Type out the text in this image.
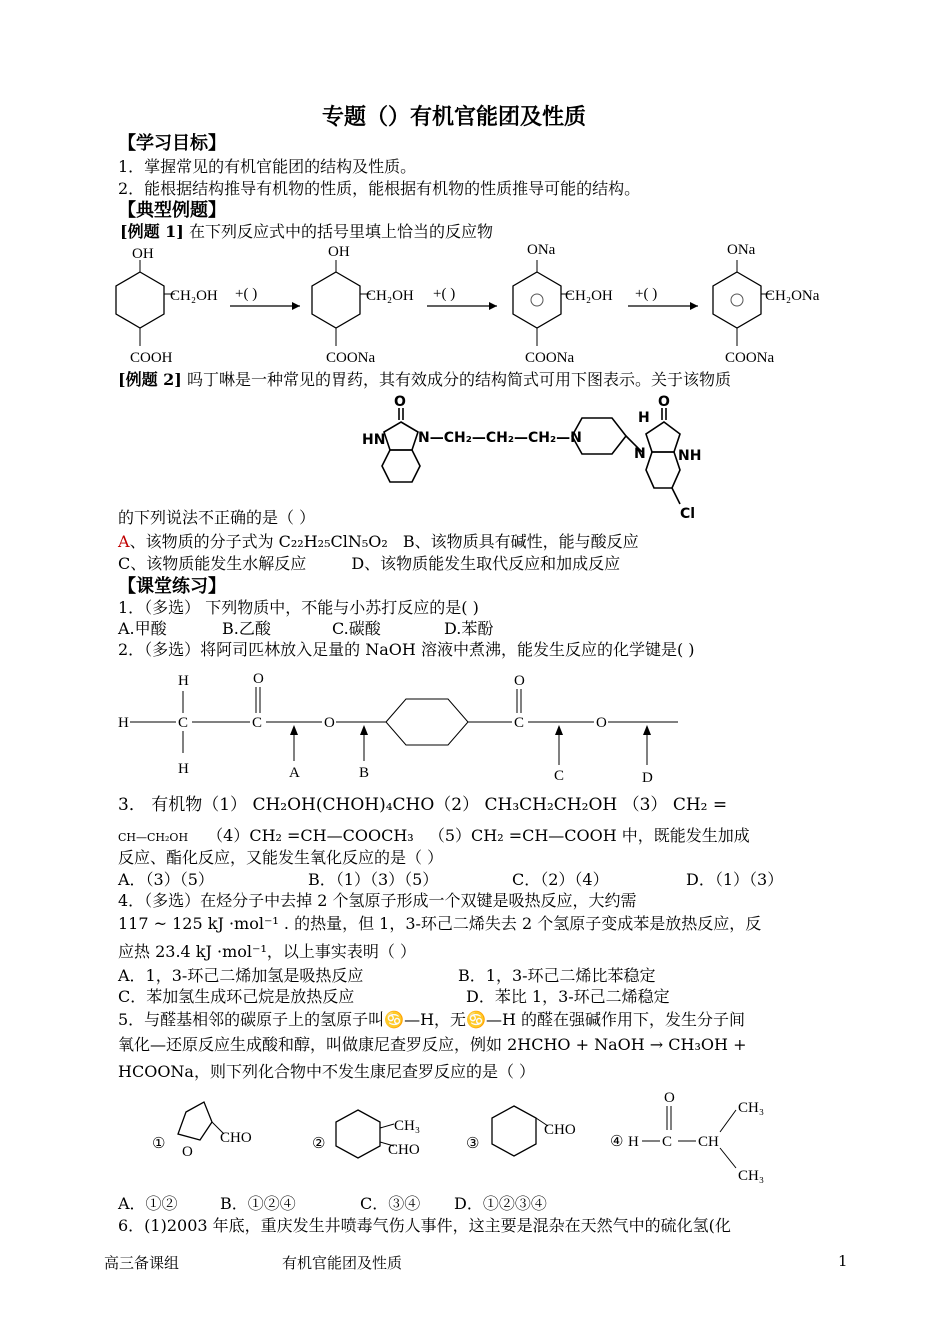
专题（）有机官能团及性质
【学习目标】
1．掌握常见的有机官能团的结构及性质。
2．能根据结构推导有机物的性质，能根据有机物的性质推导可能的结构。
【典型例题】
[例题 1] 在下列反应式中的括号里填上恰当的反应物
OH
CH₂OH
COOH
+( )
OH
CH₂OH
COONa
+( )
ONa
CH₂OH
COONa
+( )
ONa
CH₂ONa
COONa
[例题 2] 吗丁啉是一种常见的胃药，其有效成分的结构简式可用下图表示。关于该物质
O
HN N—CH₂—CH₂—CH₂—N
H
O
N NH
Cl
的下列说法不正确的是（ ）
A、该物质的分子式为 C₂₂H₂₅ClN₅O₂ B、该物质具有碱性，能与酸反应
C、该物质能发生水解反应	D、该物质能发生取代反应和加成反应
【课堂练习】
1．（多选） 下列物质中，不能与小苏打反应的是( )
A.甲酸	B.乙酸	C.碳酸	D.苯酚
2．（多选）将阿司匹林放入足量的 NaOH 溶液中煮沸，能发生反应的化学键是( )
H
H	C
H
O
C	O
O
C	O
A	B	C	D
3． 有机物（1） CH₂OH(CHOH)₄CHO（2） CH₃CH₂CH₂OH （3） CH₂ =
CH—CH₂OH （4）CH₂ =CH—COOCH₃ （5）CH₂ =CH—COOH 中，既能发生加成
反应、酯化反应，又能发生氧化反应的是（ ）
A．（3）（5）	B．（1）（3）（5）	C．（2）（4）	D．（1）（3）
4．（多选）在烃分子中去掉 2 个氢原子形成一个双键是吸热反应，大约需
117 ~ 125 kJ ·mol⁻¹ . 的热量，但 1，3-环己二烯失去 2 个氢原子变成苯是放热反应，反
应热 23.4 kJ ·mol⁻¹，以上事实表明（ ）
A．1，3-环己二烯加氢是吸热反应	B．1，3-环己二烯比苯稳定
C．苯加氢生成环己烷是放热反应	D．苯比 1，3-环己二烯稳定
5．与醛基相邻的碳原子上的氢原子叫♋—H，无♋—H 的醛在强碱作用下，发生分子间
氧化—还原反应生成酸和醇，叫做康尼查罗反应，例如 2HCHO + NaOH → CH₃OH +
HCOONa，则下列化合物中不发生康尼查罗反应的是（ ）
① O
CHO	②
CH₃
CHO	③
CHO
④ H C
O
CH
CH₃
CH₃
A．①②	B．①②④	C．③④ D．①②③④
6．(1)2003 年底，重庆发生井喷毒气伤人事件，这主要是混杂在天然气中的硫化氢(化
高三备课组	有机官能团及性质	1
